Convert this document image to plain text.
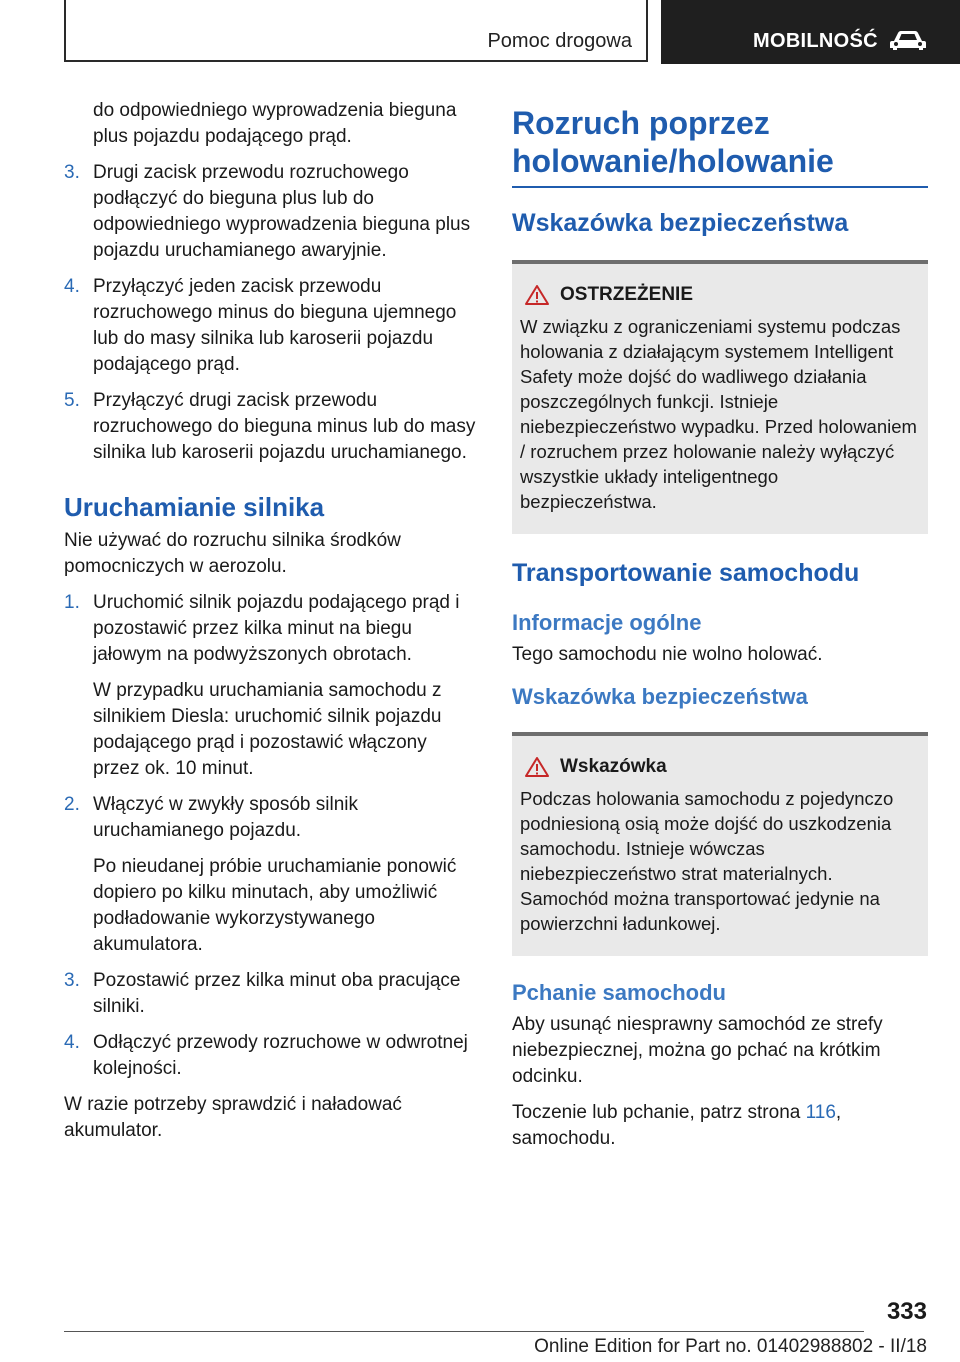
Pomoc drogowa	MOBILNOŚĆ

do odpowiedniego wyprowadzenia bieguna plus pojazdu podającego prąd.

3. Drugi zacisk przewodu rozruchowego podłączyć do bieguna plus lub do odpowiedniego wyprowadzenia bieguna plus pojazdu uruchamianego awaryjnie.

4. Przyłączyć jeden zacisk przewodu rozruchowego minus do bieguna ujemnego lub do masy silnika lub karoserii pojazdu podającego prąd.

5. Przyłączyć drugi zacisk przewodu rozruchowego do bieguna minus lub do masy silnika lub karoserii pojazdu uruchamianego.

Uruchamianie silnika

Nie używać do rozruchu silnika środków pomocniczych w aerozolu.

1. Uruchomić silnik pojazdu podającego prąd i pozostawić przez kilka minut na biegu jałowym na podwyższonych obrotach.

W przypadku uruchamiania samochodu z silnikiem Diesla: uruchomić silnik pojazdu podającego prąd i pozostawić włączony przez ok. 10 minut.

2. Włączyć w zwykły sposób silnik uruchamianego pojazdu.

Po nieudanej próbie uruchamianie ponowić dopiero po kilku minutach, aby umożliwić podładowanie wykorzystywanego akumulatora.

3. Pozostawić przez kilka minut oba pracujące silniki.

4. Odłączyć przewody rozruchowe w odwrotnej kolejności.

W razie potrzeby sprawdzić i naładować akumulator.

Rozruch poprzez holowanie/holowanie
Wskazówka bezpieczeństwa
OSTRZEŻENIE
W związku z ograniczeniami systemu podczas holowania z działającym systemem Intelligent Safety może dojść do wadliwego działania poszczególnych funkcji. Istnieje niebezpieczeństwo wypadku. Przed holowaniem / rozruchem przez holowanie należy wyłączyć wszystkie układy inteligentnego bezpieczeństwa.
Transportowanie samochodu
Informacje ogólne

Tego samochodu nie wolno holować.

Wskazówka bezpieczeństwa
Wskazówka
Podczas holowania samochodu z pojedynczo podniesioną osią może dojść do uszkodzenia samochodu. Istnieje wówczas niebezpieczeństwo strat materialnych. Samochód można transportować jedynie na powierzchni ładunkowej.
Pchanie samochodu

Aby usunąć niesprawny samochód ze strefy niebezpiecznej, można go pchać na krótkim odcinku.

Toczenie lub pchanie, patrz strona 116, samochodu.

333
Online Edition for Part no. 01402988802 - II/18
